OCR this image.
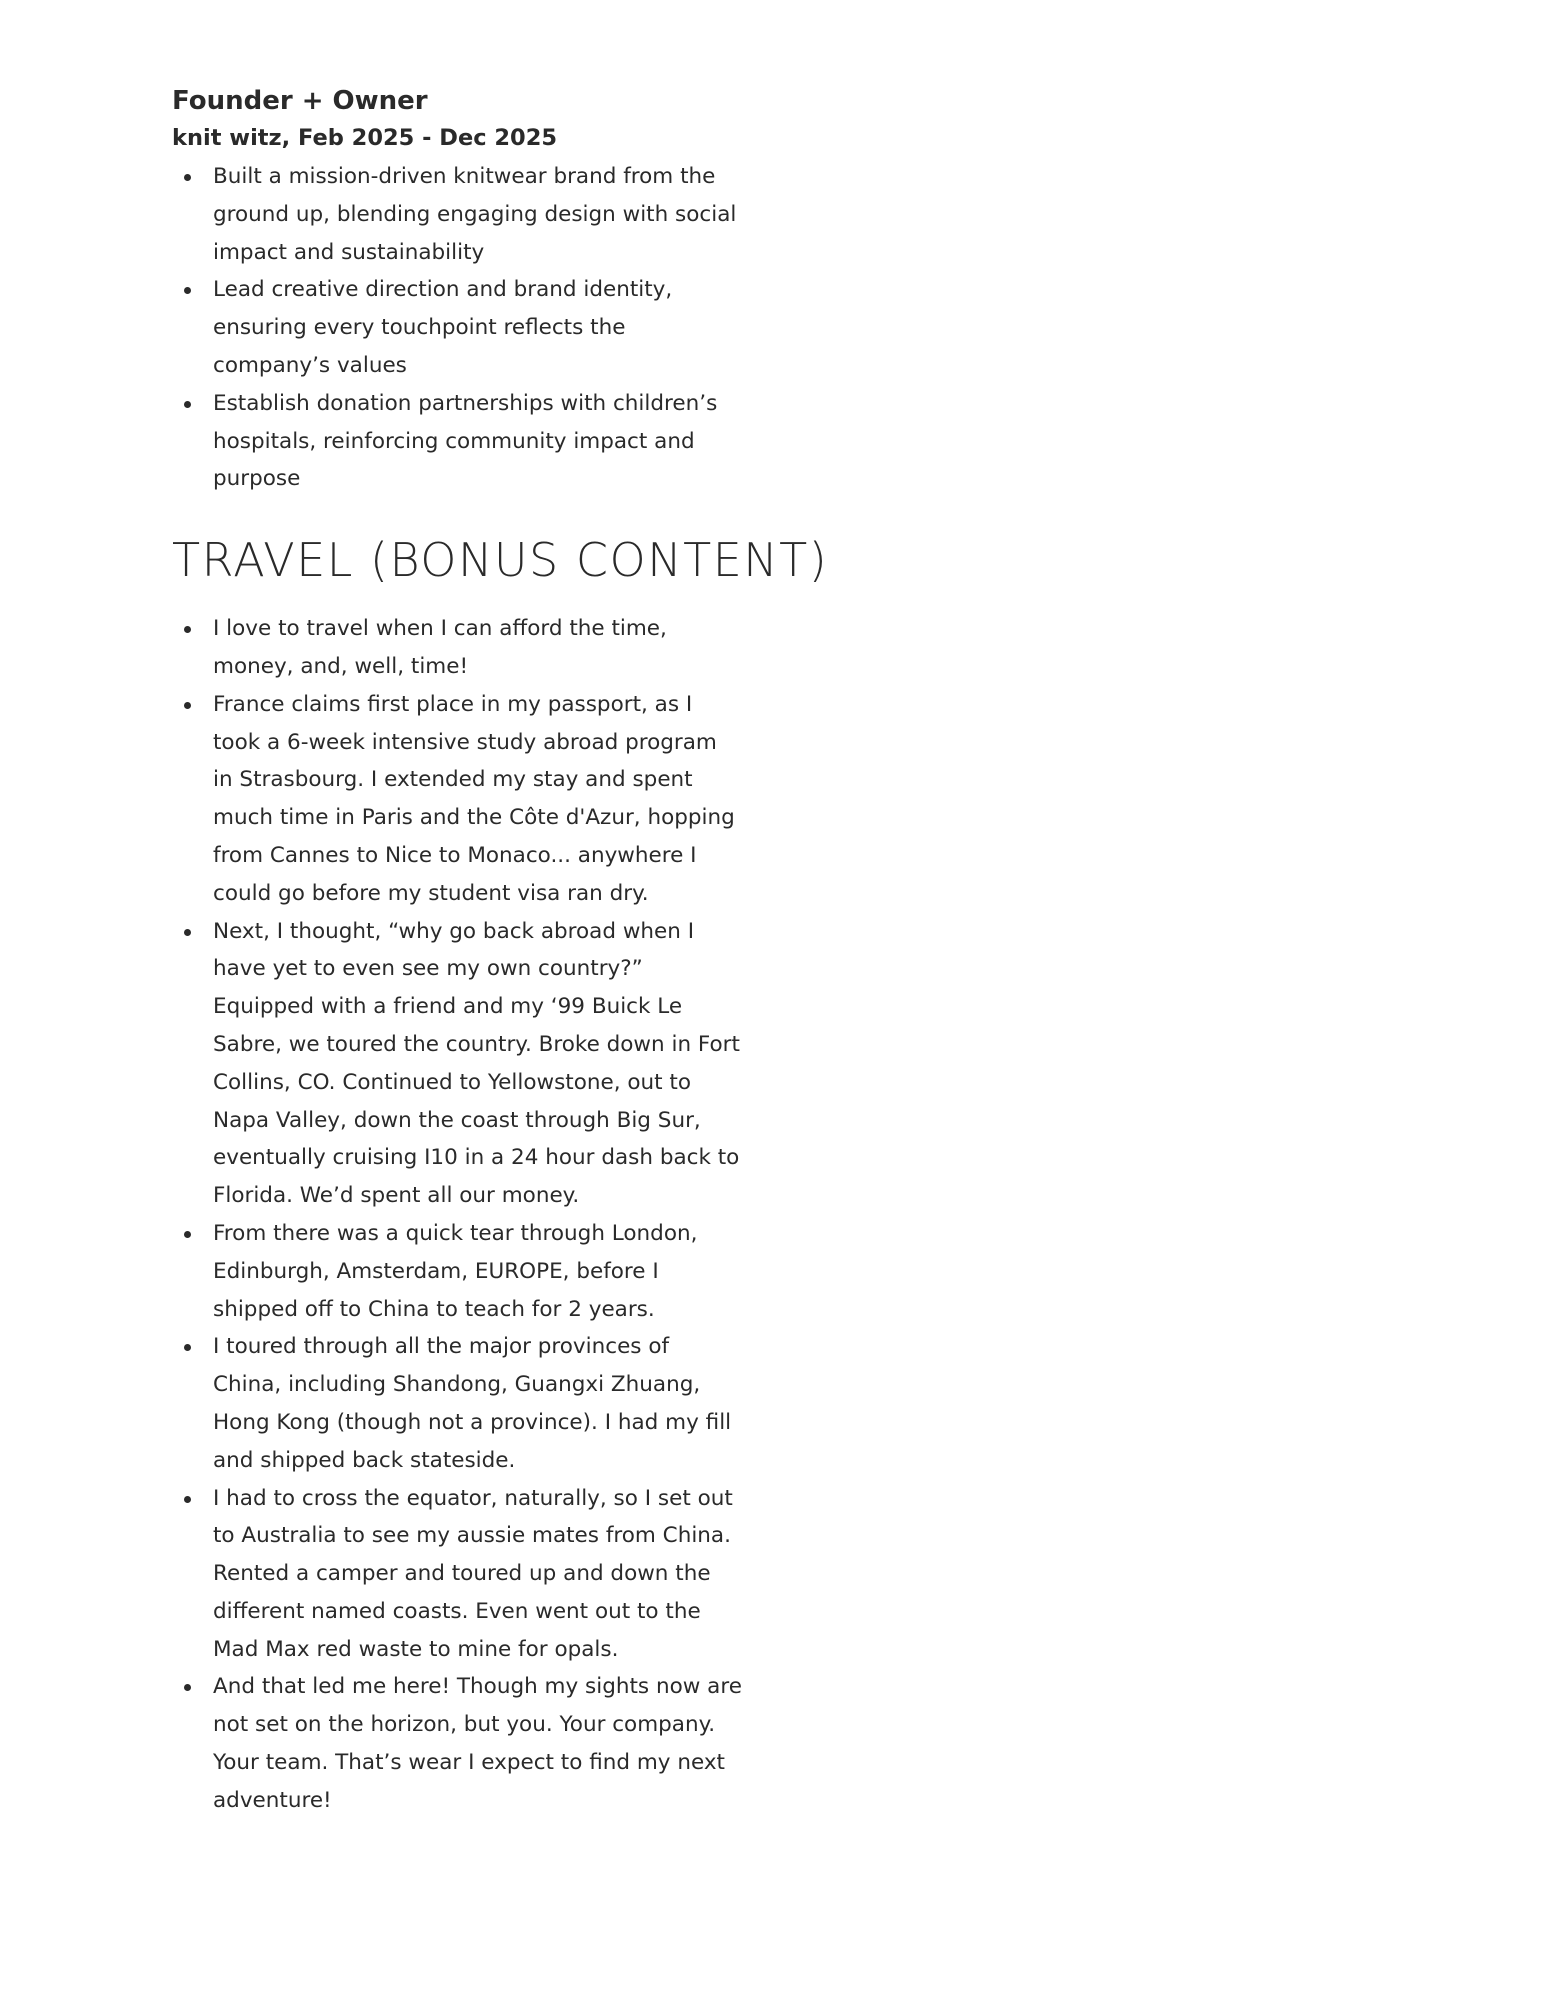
Founder + Owner
knit witz, Feb 2025 - Dec 2025
Built a mission-driven knitwear brand from the ground up, blending engaging design with social impact and sustainability
Lead creative direction and brand identity, ensuring every touchpoint reflects the company’s values
Establish donation partnerships with children’s hospitals, reinforcing community impact and purpose
TRAVEL (BONUS CONTENT)
I love to travel when I can afford the time, money, and, well, time!
France claims first place in my passport, as I took a 6-week intensive study abroad program in Strasbourg. I extended my stay and spent much time in Paris and the Côte d'Azur, hopping from Cannes to Nice to Monaco... anywhere I could go before my student visa ran dry.
Next, I thought, “why go back abroad when I have yet to even see my own country?” Equipped with a friend and my ‘99 Buick Le Sabre, we toured the country. Broke down in Fort Collins, CO. Continued to Yellowstone, out to Napa Valley, down the coast through Big Sur, eventually cruising I10 in a 24 hour dash back to Florida. We’d spent all our money.
From there was a quick tear through London, Edinburgh, Amsterdam, EUROPE, before I shipped off to China to teach for 2 years.
I toured through all the major provinces of China, including Shandong, Guangxi Zhuang, Hong Kong (though not a province). I had my fill and shipped back stateside.
I had to cross the equator, naturally, so I set out to Australia to see my aussie mates from China. Rented a camper and toured up and down the different named coasts. Even went out to the Mad Max red waste to mine for opals.
And that led me here! Though my sights now are not set on the horizon, but you. Your company. Your team. That’s wear I expect to find my next adventure!
